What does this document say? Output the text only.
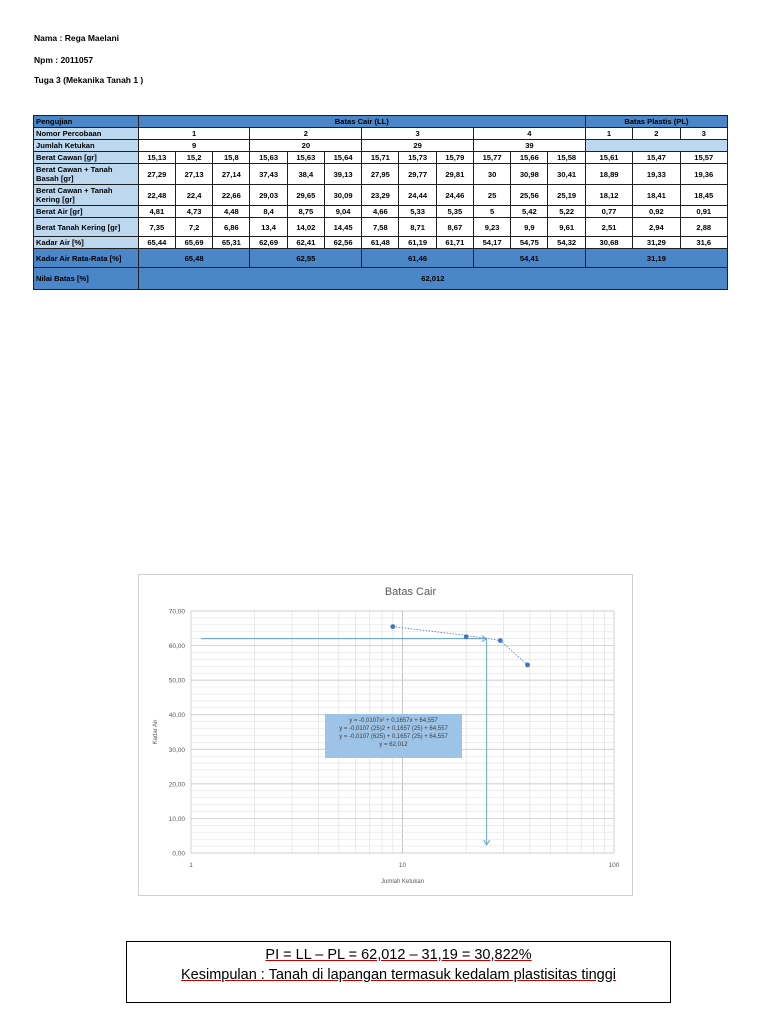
Nama : Rega Maelani
Npm : 2011057
Tuga 3 (Mekanika Tanah 1 )
Pengujian	Batas Cair (LL)												Batas Plastis (PL)		
Nomor Percobaan	1			2			3			4			1	2	3
Jumlah Ketukan	9			20			29			39					
Berat Cawan [gr]	15,13	15,2	15,8	15,63	15,63	15,64	15,71	15,73	15,79	15,77	15,66	15,58	15,61	15,47	15,57
Berat Cawan + Tanah Basah [gr]	27,29	27,13	27,14	37,43	38,4	39,13	27,95	29,77	29,81	30	30,98	30,41	18,89	19,33	19,36
Berat Cawan + Tanah Kering [gr]	22,48	22,4	22,66	29,03	29,65	30,09	23,29	24,44	24,46	25	25,56	25,19	18,12	18,41	18,45
Berat Air [gr]	4,81	4,73	4,48	8,4	8,75	9,04	4,66	5,33	5,35	5	5,42	5,22	0,77	0,92	0,91
Berat Tanah Kering [gr]	7,35	7,2	6,86	13,4	14,02	14,45	7,58	8,71	8,67	9,23	9,9	9,61	2,51	2,94	2,88
Kadar Air [%]	65,44	65,69	65,31	62,69	62,41	62,56	61,48	61,19	61,71	54,17	54,75	54,32	30,68	31,29	31,6
Kadar Air Rata-Rata [%]	65,48			62,55			61,46			54,41			31,19		
Nilai Batas [%]	62,012														
Batas Cair
0,00
10,00
20,00
30,00
40,00
50,00
60,00
70,00
1	10	100
Jumlah Ketukan
Kadar Air	y = -0,0107x² + 0,1657x + 64,557
y = -0,0107 (25)2 + 0,1657 (25) + 64,557
y = -0,0107 (625) + 0,1657 (25) + 64,557
y = 62,012
PI = LL – PL = 62,012 – 31,19 = 30,822%
Kesimpulan : Tanah di lapangan termasuk kedalam plastisitas tinggi
